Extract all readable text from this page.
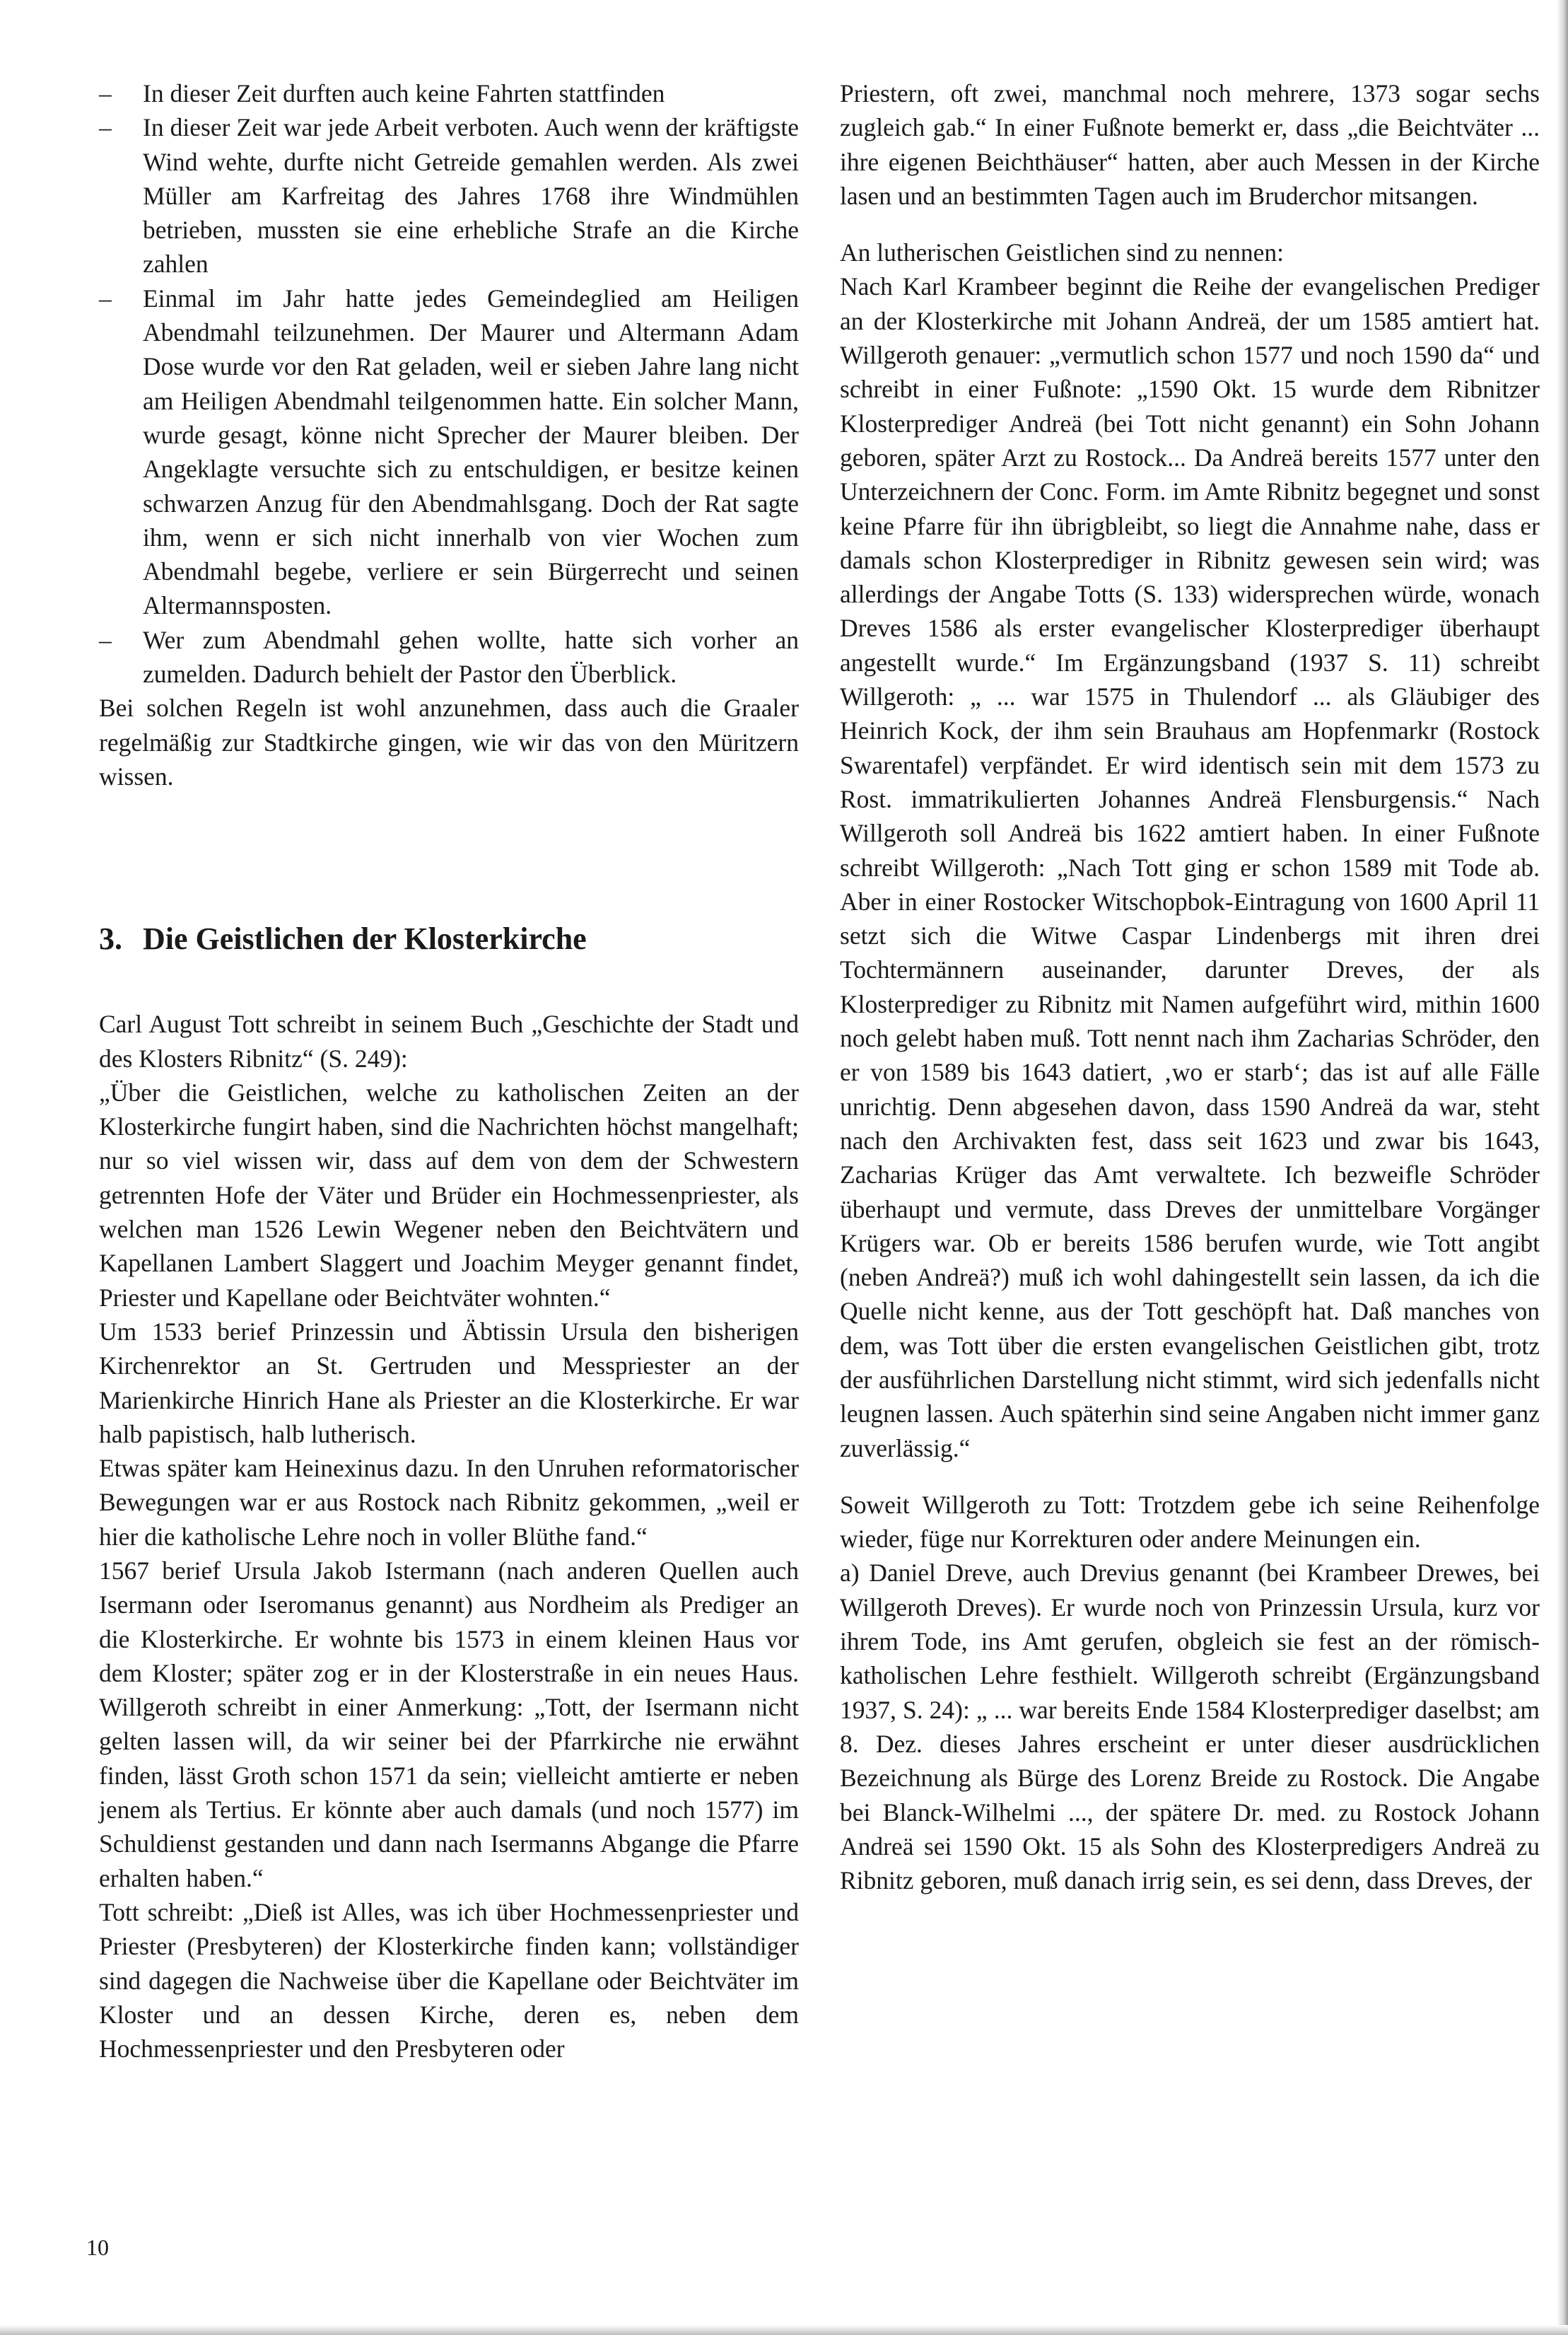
– In dieser Zeit durften auch keine Fahrten stattfinden
– In dieser Zeit war jede Arbeit verboten. Auch wenn der kräftigste Wind wehte, durfte nicht Getreide gemahlen werden. Als zwei Müller am Karfreitag des Jahres 1768 ihre Windmühlen betrieben, mussten sie eine erhebliche Strafe an die Kirche zahlen
– Einmal im Jahr hatte jedes Gemeindeglied am Heiligen Abendmahl teilzunehmen. Der Maurer und Altermann Adam Dose wurde vor den Rat geladen, weil er sieben Jahre lang nicht am Heiligen Abendmahl teilgenommen hatte. Ein solcher Mann, wurde gesagt, könne nicht Sprecher der Maurer bleiben. Der Angeklagte versuchte sich zu entschuldigen, er besitze keinen schwarzen Anzug für den Abendmahlsgang. Doch der Rat sagte ihm, wenn er sich nicht innerhalb von vier Wochen zum Abendmahl begebe, verliere er sein Bürgerrecht und seinen Altermannsposten.
– Wer zum Abendmahl gehen wollte, hatte sich vorher an zumelden. Dadurch behielt der Pastor den Überblick.

Bei solchen Regeln ist wohl anzunehmen, dass auch die Graaler regelmäßig zur Stadtkirche gingen, wie wir das von den Müritzern wissen.

3. Die Geistlichen der Klosterkirche

Carl August Tott schreibt in seinem Buch „Geschichte der Stadt und des Klosters Ribnitz“ (S. 249):

„Über die Geistlichen, welche zu katholischen Zeiten an der Klosterkirche fungirt haben, sind die Nachrichten höchst mangelhaft; nur so viel wissen wir, dass auf dem von dem der Schwestern getrennten Hofe der Väter und Brüder ein Hochmessenpriester, als welchen man 1526 Lewin Wegener neben den Beichtvätern und Kapellanen Lambert Slaggert und Joachim Meyger genannt findet, Priester und Kapellane oder Beichtväter wohnten.“

Um 1533 berief Prinzessin und Äbtissin Ursula den bisherigen Kirchenrektor an St. Gertruden und Messpriester an der Marienkirche Hinrich Hane als Priester an die Klosterkirche. Er war halb papistisch, halb lutherisch.

Etwas später kam Heinexinus dazu. In den Unruhen reformatorischer Bewegungen war er aus Rostock nach Ribnitz gekommen, „weil er hier die katholische Lehre noch in voller Blüthe fand.“

1567 berief Ursula Jakob Istermann (nach anderen Quellen auch Isermann oder Iseromanus genannt) aus Nordheim als Prediger an die Klosterkirche. Er wohnte bis 1573 in einem kleinen Haus vor dem Kloster; später zog er in der Klosterstraße in ein neues Haus. Willgeroth schreibt in einer Anmerkung: „Tott, der Isermann nicht gelten lassen will, da wir seiner bei der Pfarrkirche nie erwähnt finden, lässt Groth schon 1571 da sein; vielleicht amtierte er neben jenem als Tertius. Er könnte aber auch damals (und noch 1577) im Schuldienst gestanden und dann nach Isermanns Abgange die Pfarre erhalten haben.“

Tott schreibt: „Dieß ist Alles, was ich über Hochmessenpriester und Priester (Presbyteren) der Klosterkirche finden kann; vollständiger sind dagegen die Nachweise über die Kapellane oder Beichtväter im Kloster und an dessen Kirche, deren es, neben dem Hochmessenpriester und den Presbyteren oder

Priestern, oft zwei, manchmal noch mehrere, 1373 sogar sechs zugleich gab.“ In einer Fußnote bemerkt er, dass „die Beichtväter ... ihre eigenen Beichthäuser“ hatten, aber auch Messen in der Kirche lasen und an bestimmten Tagen auch im Bruderchor mitsangen.

An lutherischen Geistlichen sind zu nennen:

Nach Karl Krambeer beginnt die Reihe der evangelischen Prediger an der Klosterkirche mit Johann Andreä, der um 1585 amtiert hat. Willgeroth genauer: „vermutlich schon 1577 und noch 1590 da“ und schreibt in einer Fußnote: „1590 Okt. 15 wurde dem Ribnitzer Klosterprediger Andreä (bei Tott nicht genannt) ein Sohn Johann geboren, später Arzt zu Rostock... Da Andreä bereits 1577 unter den Unterzeichnern der Conc. Form. im Amte Ribnitz begegnet und sonst keine Pfarre für ihn übrigbleibt, so liegt die Annahme nahe, dass er damals schon Klosterprediger in Ribnitz gewesen sein wird; was allerdings der Angabe Totts (S. 133) widersprechen würde, wonach Dreves 1586 als erster evangelischer Klosterprediger überhaupt angestellt wurde.“ Im Ergänzungsband (1937 S. 11) schreibt Willgeroth: „ ... war 1575 in Thulendorf ... als Gläubiger des Heinrich Kock, der ihm sein Brauhaus am Hopfenmarkr (Rostock Swarentafel) verpfändet. Er wird identisch sein mit dem 1573 zu Rost. immatrikulierten Johannes Andreä Flensburgensis.“ Nach Willgeroth soll Andreä bis 1622 amtiert haben. In einer Fußnote schreibt Willgeroth: „Nach Tott ging er schon 1589 mit Tode ab. Aber in einer Rostocker Witschopbok-Eintragung von 1600 April 11 setzt sich die Witwe Caspar Lindenbergs mit ihren drei Tochtermännern auseinander, darunter Dreves, der als Klosterprediger zu Ribnitz mit Namen aufgeführt wird, mithin 1600 noch gelebt haben muß. Tott nennt nach ihm Zacharias Schröder, den er von 1589 bis 1643 datiert, ‚wo er starb‘; das ist auf alle Fälle unrichtig. Denn abgesehen davon, dass 1590 Andreä da war, steht nach den Archivakten fest, dass seit 1623 und zwar bis 1643, Zacharias Krüger das Amt verwaltete. Ich bezweifle Schröder überhaupt und vermute, dass Dreves der unmittelbare Vorgänger Krügers war. Ob er bereits 1586 berufen wurde, wie Tott angibt (neben Andreä?) muß ich wohl dahingestellt sein lassen, da ich die Quelle nicht kenne, aus der Tott geschöpft hat. Daß manches von dem, was Tott über die ersten evangelischen Geistlichen gibt, trotz der ausführlichen Darstellung nicht stimmt, wird sich jedenfalls nicht leugnen lassen. Auch späterhin sind seine Angaben nicht immer ganz zuverlässig.“

Soweit Willgeroth zu Tott: Trotzdem gebe ich seine Reihenfolge wieder, füge nur Korrekturen oder andere Meinungen ein.

a) Daniel Dreve, auch Drevius genannt (bei Krambeer Drewes, bei Willgeroth Dreves). Er wurde noch von Prinzessin Ursula, kurz vor ihrem Tode, ins Amt gerufen, obgleich sie fest an der römisch-katholischen Lehre festhielt. Willgeroth schreibt (Ergänzungsband 1937, S. 24): „ ... war bereits Ende 1584 Klosterprediger daselbst; am 8. Dez. dieses Jahres erscheint er unter dieser ausdrücklichen Bezeichnung als Bürge des Lorenz Breide zu Rostock. Die Angabe bei Blanck-Wilhelmi ..., der spätere Dr. med. zu Rostock Johann Andreä sei 1590 Okt. 15 als Sohn des Klosterpredigers Andreä zu Ribnitz geboren, muß danach irrig sein, es sei denn, dass Dreves, der

10
